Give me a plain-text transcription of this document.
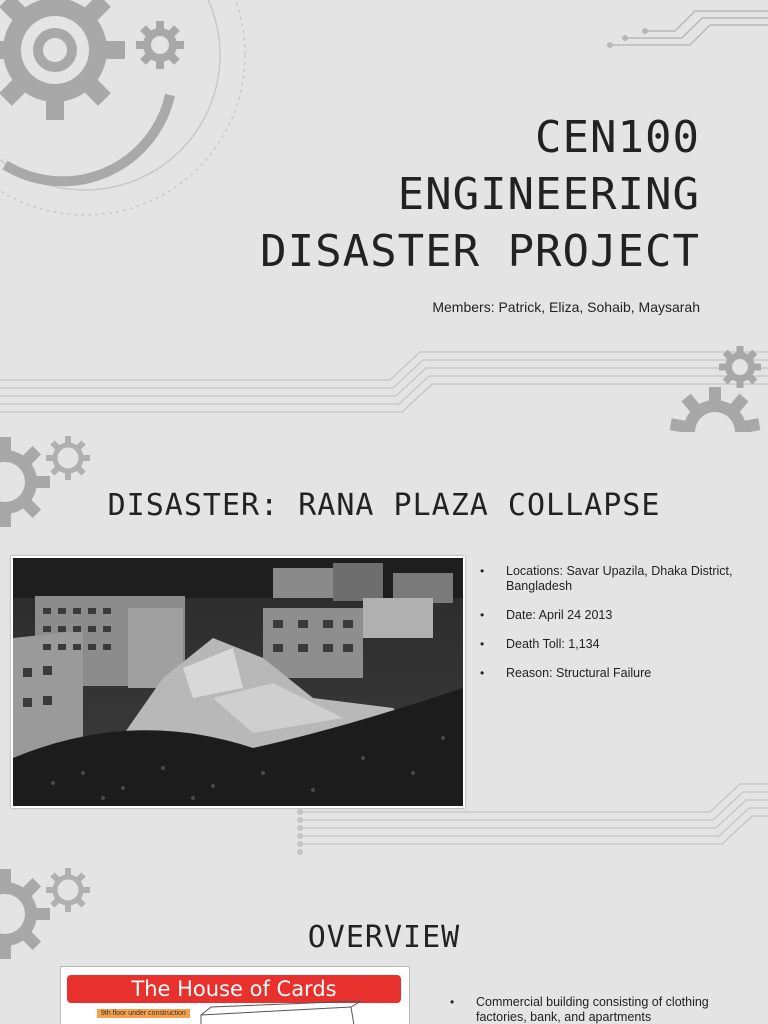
CEN100
ENGINEERING
DISASTER PROJECT
Members: Patrick, Eliza, Sohaib, Maysarah
DISASTER: RANA PLAZA COLLAPSE
• Locations: Savar Upazila, Dhaka District, Bangladesh
• Date: April 24 2013
• Death Toll: 1,134
• Reason: Structural Failure
OVERVIEW
The House of Cards
9th floor under construction
• Commercial building consisting of clothing factories, bank, and apartments
